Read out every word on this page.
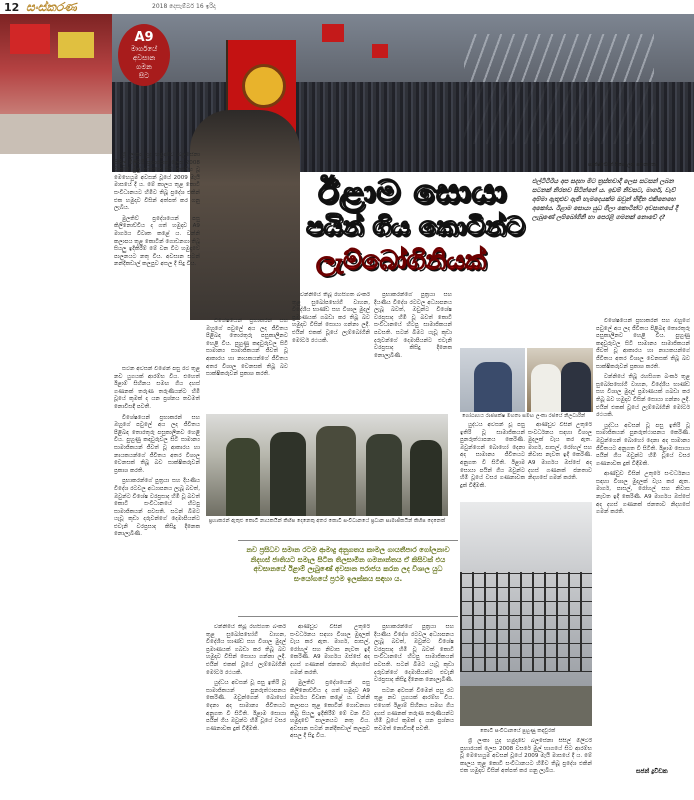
12 සංස්කරණ	2018 දෙසැම්බර් 16 ඉරිදා
සැක්ෂ්වෝත් විගෝලන පනනපතා
A9
මාර්ගයේ
අවසාන
ගමන
සිට
ඊළාම සොයා
පයින් ගිය කොටින්ට
ලැම්බෝගිනියක්
එල්ටීටීඊය අප සදහා මිට ත්‍රස්තවාදී ලෙස සටසන් ලබන සටනක් නිරතව සිටින්නේ ය. ඉඩම් නිවසට, මාර්ග, වැව් අම්මා ඇතුළුව ඇති හැමදෙයක්ම ඔවුන් හිඳින එකිනෙහෙ අකෝය. ඊළාම සොයා යුධ ගිලා කොටින්ට අවසානයේ දී ලැබුණේ ලම්බෝගිනි හා පෙරළි ගමනක් නොවේ ද?

ශ්‍රී ලංකා යුද හමුදාවේ බලසේනා සිසිල් මිලිටරී ප්‍රහාරයක් ලෙස 2008 වසරේ මුල් භාගයේ සිට ආරම්භ වූ මෙහෙයුම අවසන් වූයේ 2009 මැයි මාසයේ දී ය. මේ කාලය තුළ කොටි සංවිධානයට හිමිව තිබූ ප්‍රදේශ එකින් එක හමුදාව විසින් අත්පත් කර ගනු ලැබීය.

මුලතිව් ප්‍රදේශයෙන් පසු කිලිනොච්චිය ද ගත් හමුදාව A9 මාර්ගය විවෘත කළේ ය. වන්නි කලාපය තුළ කොටින් ගොඩනගා තිබූ සියලු ඉදිකිරීම් මේ වන විට හමුදාවේ පාලනයට නතු විය. අවසාන සටන් නන්දිකඩාල් කලපුව අසල දී සිදු විය.

සටන අවසන් වීමෙන් පසු රට තුළ නව යුගයක් ආරම්භ විය. එහෙත් ඊළාම් සිහිනය සමඟ ගිය දහස් ගණනක් තරුණ තරුණියන්ට හිමි වූයේ කුමක් ද යන ප්‍රශ්නය තවමත් නොවිසඳී පවතී.

විශේෂයෙන් ප්‍රභාකරන් සහ ඔහුගේ පවුලේ අය ලද ජීවිතය පිළිබඳ තොරතුරු පසුකාලීනව හෙළි විය. පුහුණු කඳවුරුවල සිටි සාමාන්‍ය සාමාජිකයන් ජීවත් වූ ආකාරය හා නායකයන්ගේ ජීවිතය අතර විශාල වෙනසක් තිබූ බව සාක්ෂිකරුවන් ප්‍රකාශ කරති.

ප්‍රභාකරන්ගේ පුත්‍රයා සහ දියණිය විදේශ රටවල අධ්‍යාපනය ලැබූ බවත්, ඔවුන්ට විශේෂ වරප්‍රසාද හිමි වූ බවත් කොටි සංවිධානයේ හිටපු සාමාජිකයන් පවසති. සටන් බිමට යැවූ කුඩා දරුවන්ගේ දෙමාපියන්ට එවැනි වරප්‍රසාද කිසිදු දිනෙක නොලැබිණි.

විශේෂයෙන් ප්‍රභාකරන් සහ ඔහුගේ පවුලේ අය ලද ජීවිතය පිළිබඳ තොරතුරු පසුකාලීනව හෙළි විය. පුහුණු කඳවුරුවල සිටි සාමාන්‍ය සාමාජිකයන් ජීවත් වූ ආකාරය හා නායකයන්ගේ ජීවිතය අතර විශාල වෙනසක් තිබූ බව සාක්ෂිකරුවන් ප්‍රකාශ කරති.

වන්නියේ තිබූ රහසිගත බංකර් තුළ සුඛෝපභෝගී වාහන, විදේශීය භාණ්ඩ සහ විශාල මුදල් ප්‍රමාණයක් ගබඩා කර තිබූ බව හමුදාව විසින් සොයා ගන්නා ලදී. එයින් එකක් වූයේ ලැම්බෝගිනි මෝටර් රථයකි.

ප්‍රභාකරන්ගේ පුත්‍රයා සහ දියණිය විදේශ රටවල අධ්‍යාපනය ලැබූ බවත්, ඔවුන්ට විශේෂ වරප්‍රසාද හිමි වූ බවත් කොටි සංවිධානයේ හිටපු සාමාජිකයන් පවසති. සටන් බිමට යැවූ කුඩා දරුවන්ගේ දෙමාපියන්ට එවැනි වරප්‍රසාද කිසිදු දිනෙක නොලැබිණි.

ප්‍රභාකරන් ඇතුළු කොටි නායකයින් කිහිප දෙනෙකු අතර කොටි සංවිධානයේ ප්‍රධාන සාමාජිකයින් කිහිප දෙනෙක්
ගෝඨාභය රාජපක්ෂ මහතා සමඟ ලංකා රජයේ නිලධාරීන්

යුද්ධය අවසන් වූ පසු ඉතිරි වූ සාමාජිකයන් පුනරුත්ථාපනය කෙරිණි. ඔවුන්ගෙන් බොහෝ දෙනා අද සාමාන්‍ය ජීවිතයට අනුගත වී සිටිති. ඊළාම සොයා පයින් ගිය ඔවුන්ට හිමි වූයේ වසර ගණනාවක දුක් විඳීමකි.

ආණ්ඩුව විසින් උතුරේ සංවර්ධනය සඳහා විශාල මුදලක් වැය කර ඇත. මාර්ග, පාසල්, රෝහල් සහ නිවාස නැවත ඉදි කෙරිණි. A9 මාර්ගය ඔස්සේ අද දහස් ගණනක් ජනතාව නිදහසේ ගමන් කරති.

නව ප්‍රසිධව සමාන රටම ආමාදු අනුගතය කාමල ගායතීපාර ගෝලනාව නිදහස් ජාතියට සමැල සිටින තිලසාමින ගමනාන්තය ඒ කිසිවක් එය අවසානයේ ඊළාම් ලැබුණේ අවසාන පරාජය කරන ලද විශාල යුධ සංයෝගයේ ප්‍රථම ඉලක්කය සඳහා ය.

වන්නියේ තිබූ රහසිගත බංකර් තුළ සුඛෝපභෝගී වාහන, විදේශීය භාණ්ඩ සහ විශාල මුදල් ප්‍රමාණයක් ගබඩා කර තිබූ බව හමුදාව විසින් සොයා ගන්නා ලදී. එයින් එකක් වූයේ ලැම්බෝගිනි මෝටර් රථයකි.

යුද්ධය අවසන් වූ පසු ඉතිරි වූ සාමාජිකයන් පුනරුත්ථාපනය කෙරිණි. ඔවුන්ගෙන් බොහෝ දෙනා අද සාමාන්‍ය ජීවිතයට අනුගත වී සිටිති. ඊළාම සොයා පයින් ගිය ඔවුන්ට හිමි වූයේ වසර ගණනාවක දුක් විඳීමකි.

ආණ්ඩුව විසින් උතුරේ සංවර්ධනය සඳහා විශාල මුදලක් වැය කර ඇත. මාර්ග, පාසල්, රෝහල් සහ නිවාස නැවත ඉදි කෙරිණි. A9 මාර්ගය ඔස්සේ අද දහස් ගණනක් ජනතාව නිදහසේ ගමන් කරති.

මුලතිව් ප්‍රදේශයෙන් පසු කිලිනොච්චිය ද ගත් හමුදාව A9 මාර්ගය විවෘත කළේ ය. වන්නි කලාපය තුළ කොටින් ගොඩනගා තිබූ සියලු ඉදිකිරීම් මේ වන විට හමුදාවේ පාලනයට නතු විය. අවසාන සටන් නන්දිකඩාල් කලපුව අසල දී සිදු විය.

ප්‍රභාකරන්ගේ පුත්‍රයා සහ දියණිය විදේශ රටවල අධ්‍යාපනය ලැබූ බවත්, ඔවුන්ට විශේෂ වරප්‍රසාද හිමි වූ බවත් කොටි සංවිධානයේ හිටපු සාමාජිකයන් පවසති. සටන් බිමට යැවූ කුඩා දරුවන්ගේ දෙමාපියන්ට එවැනි වරප්‍රසාද කිසිදු දිනෙක නොලැබිණි.

සටන අවසන් වීමෙන් පසු රට තුළ නව යුගයක් ආරම්භ විය. එහෙත් ඊළාම් සිහිනය සමඟ ගිය දහස් ගණනක් තරුණ තරුණියන්ට හිමි වූයේ කුමක් ද යන ප්‍රශ්නය තවමත් නොවිසඳී පවතී.	කොටි සංවිධානයේ පුහුණු කඳවුරක්

විශේෂයෙන් ප්‍රභාකරන් සහ ඔහුගේ පවුලේ අය ලද ජීවිතය පිළිබඳ තොරතුරු පසුකාලීනව හෙළි විය. පුහුණු කඳවුරුවල සිටි සාමාන්‍ය සාමාජිකයන් ජීවත් වූ ආකාරය හා නායකයන්ගේ ජීවිතය අතර විශාල වෙනසක් තිබූ බව සාක්ෂිකරුවන් ප්‍රකාශ කරති.

වන්නියේ තිබූ රහසිගත බංකර් තුළ සුඛෝපභෝගී වාහන, විදේශීය භාණ්ඩ සහ විශාල මුදල් ප්‍රමාණයක් ගබඩා කර තිබූ බව හමුදාව විසින් සොයා ගන්නා ලදී. එයින් එකක් වූයේ ලැම්බෝගිනි මෝටර් රථයකි.

යුද්ධය අවසන් වූ පසු ඉතිරි වූ සාමාජිකයන් පුනරුත්ථාපනය කෙරිණි. ඔවුන්ගෙන් බොහෝ දෙනා අද සාමාන්‍ය ජීවිතයට අනුගත වී සිටිති. ඊළාම සොයා පයින් ගිය ඔවුන්ට හිමි වූයේ වසර ගණනාවක දුක් විඳීමකි.

ආණ්ඩුව විසින් උතුරේ සංවර්ධනය සඳහා විශාල මුදලක් වැය කර ඇත. මාර්ග, පාසල්, රෝහල් සහ නිවාස නැවත ඉදි කෙරිණි. A9 මාර්ගය ඔස්සේ අද දහස් ගණනක් ජනතාව නිදහසේ ගමන් කරති.

ශ්‍රී ලංකා යුද හමුදාවේ බලසේනා සිසිල් මිලිටරී ප්‍රහාරයක් ලෙස 2008 වසරේ මුල් භාගයේ සිට ආරම්භ වූ මෙහෙයුම අවසන් වූයේ 2009 මැයි මාසයේ දී ය. මේ කාලය තුළ කොටි සංවිධානයට හිමිව තිබූ ප්‍රදේශ එකින් එක හමුදාව විසින් අත්පත් කර ගනු ලැබීය.	සජන් ද්‍රවිඩක
